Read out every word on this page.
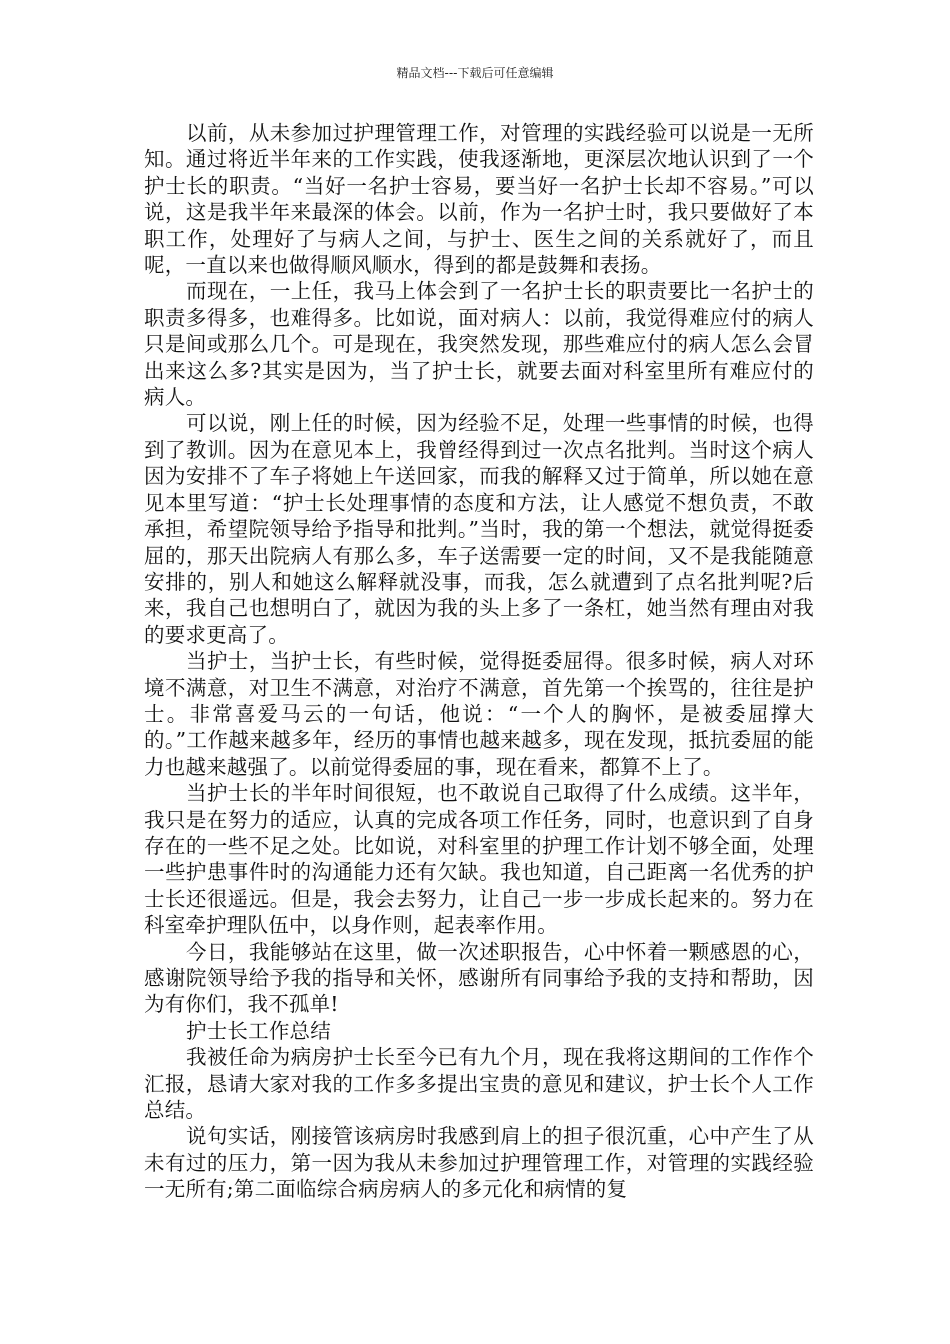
精品文档---下载后可任意编辑

以前，从未参加过护理管理工作，对管理的实践经验可以说是一无所知。通过将近半年来的工作实践，使我逐渐地，更深层次地认识到了一个护士长的职责。“当好一名护士容易，要当好一名护士长却不容易。”可以说，这是我半年来最深的体会。以前，作为一名护士时，我只要做好了本职工作，处理好了与病人之间，与护士、医生之间的关系就好了，而且呢，一直以来也做得顺风顺水，得到的都是鼓舞和表扬。

而现在，一上任，我马上体会到了一名护士长的职责要比一名护士的职责多得多，也难得多。比如说，面对病人：以前，我觉得难应付的病人只是间或那么几个。可是现在，我突然发现，那些难应付的病人怎么会冒出来这么多?其实是因为，当了护士长，就要去面对科室里所有难应付的病人。

可以说，刚上任的时候，因为经验不足，处理一些事情的时候，也得到了教训。因为在意见本上，我曾经得到过一次点名批判。当时这个病人因为安排不了车子将她上午送回家，而我的解释又过于简单，所以她在意见本里写道：“护士长处理事情的态度和方法，让人感觉不想负责，不敢承担，希望院领导给予指导和批判。”当时，我的第一个想法，就觉得挺委屈的，那天出院病人有那么多，车子送需要一定的时间，又不是我能随意安排的，别人和她这么解释就没事，而我，怎么就遭到了点名批判呢?后来，我自己也想明白了，就因为我的头上多了一条杠，她当然有理由对我的要求更高了。

当护士，当护士长，有些时候，觉得挺委屈得。很多时候，病人对环境不满意，对卫生不满意，对治疗不满意，首先第一个挨骂的，往往是护士。非常喜爱马云的一句话，他说：“一个人的胸怀，是被委屈撑大的。”工作越来越多年，经历的事情也越来越多，现在发现，抵抗委屈的能力也越来越强了。以前觉得委屈的事，现在看来，都算不上了。

当护士长的半年时间很短，也不敢说自己取得了什么成绩。这半年，我只是在努力的适应，认真的完成各项工作任务，同时，也意识到了自身存在的一些不足之处。比如说，对科室里的护理工作计划不够全面，处理一些护患事件时的沟通能力还有欠缺。我也知道，自己距离一名优秀的护士长还很遥远。但是，我会去努力，让自己一步一步成长起来的。努力在科室牵护理队伍中，以身作则，起表率作用。

今日，我能够站在这里，做一次述职报告，心中怀着一颗感恩的心，感谢院领导给予我的指导和关怀，感谢所有同事给予我的支持和帮助，因为有你们，我不孤单!

护士长工作总结

我被任命为病房护士长至今已有九个月，现在我将这期间的工作作个汇报，恳请大家对我的工作多多提出宝贵的意见和建议，护士长个人工作总结。

说句实话，刚接管该病房时我感到肩上的担子很沉重，心中产生了从未有过的压力，第一因为我从未参加过护理管理工作，对管理的实践经验一无所有;第二面临综合病房病人的多元化和病情的复
